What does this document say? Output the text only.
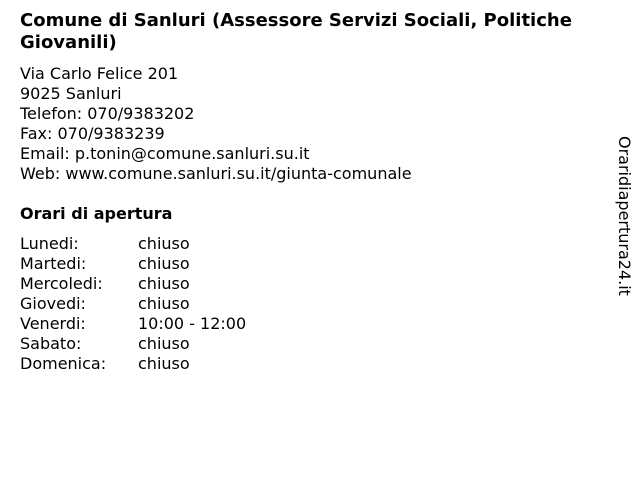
Comune di Sanluri (Assessore Servizi Sociali, Politiche Giovanili)
Via Carlo Felice 201
9025 Sanluri
Telefon: 070/9383202
Fax: 070/9383239
Email: p.tonin@comune.sanluri.su.it
Web: www.comune.sanluri.su.it/giunta-comunale
Orari di apertura
Lunedi:	chiuso
Martedi:	chiuso
Mercoledi:	chiuso
Giovedi:	chiuso
Venerdi:	10:00 - 12:00
Sabato:	chiuso
Domenica:	chiuso
Oraridiapertura24.it
